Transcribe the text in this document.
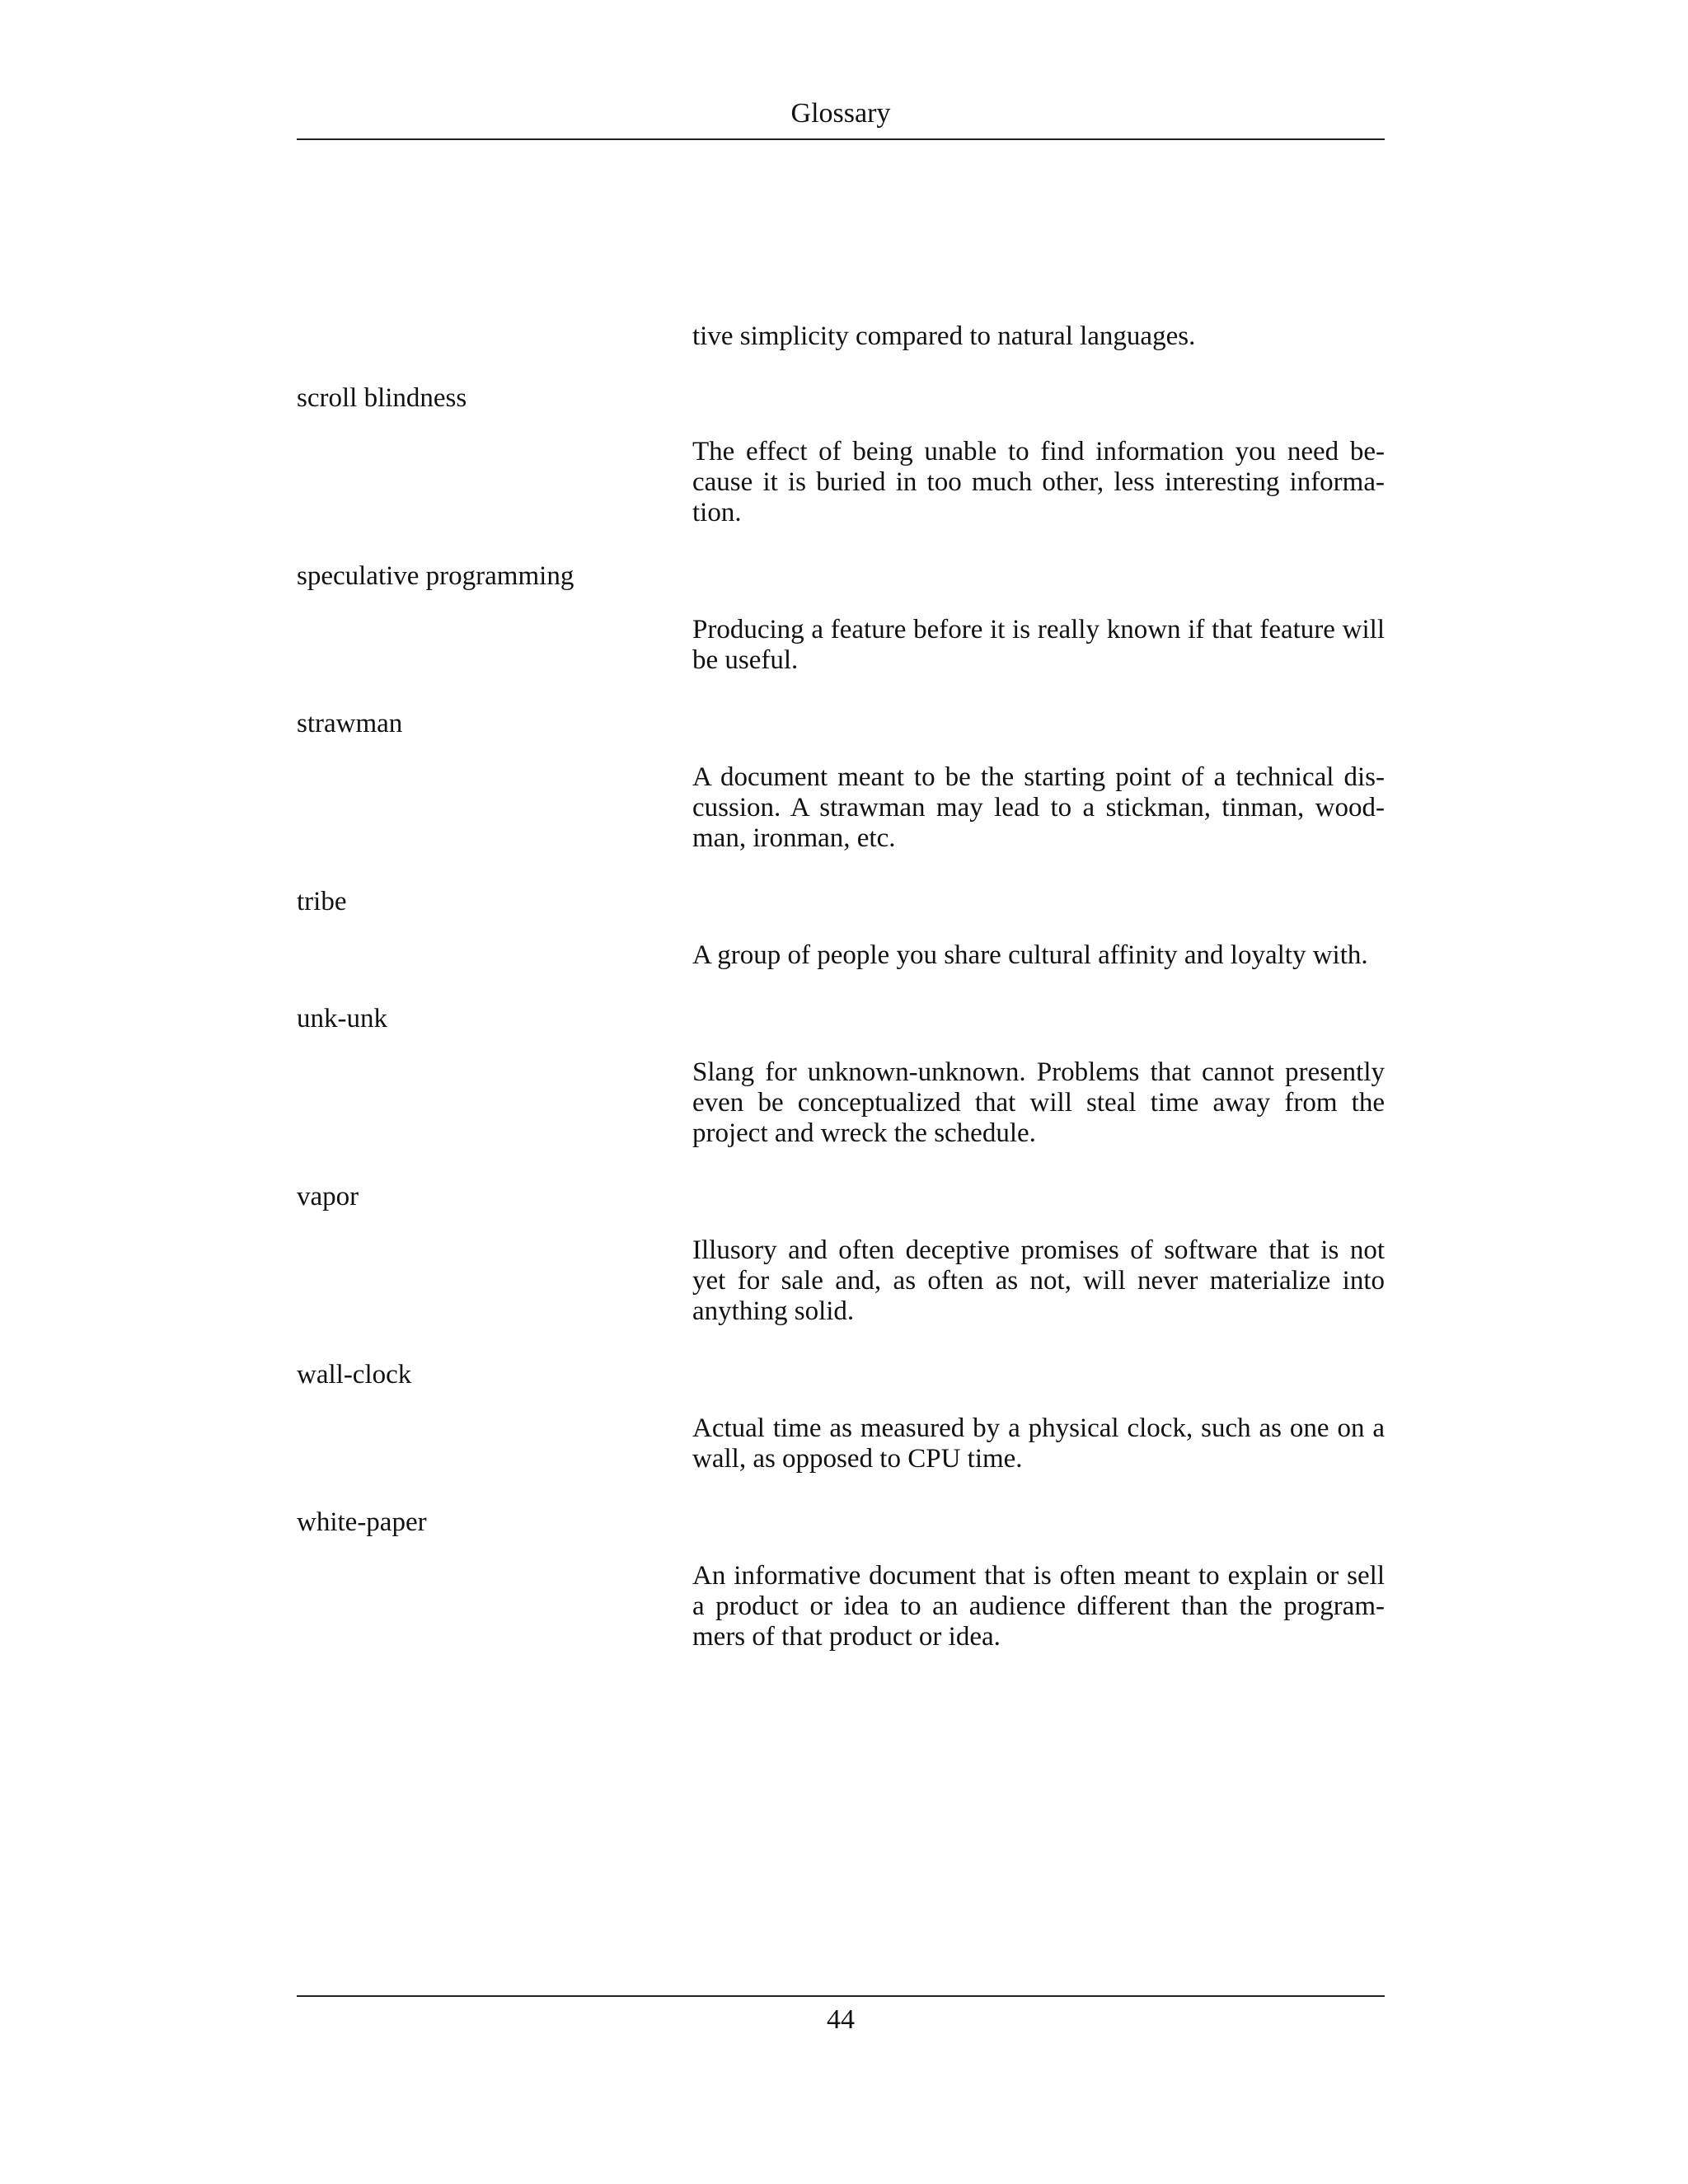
Glossary
tive simplicity compared to natural languages.
scroll blindness
The effect of being unable to find information you need because it is buried in too much other, less interesting information.
speculative programming
Producing a feature before it is really known if that feature will be useful.
strawman
A document meant to be the starting point of a technical discussion. A strawman may lead to a stickman, tinman, woodman, ironman, etc.
tribe
A group of people you share cultural affinity and loyalty with.
unk-unk
Slang for unknown-unknown. Problems that cannot presently even be conceptualized that will steal time away from the project and wreck the schedule.
vapor
Illusory and often deceptive promises of software that is not yet for sale and, as often as not, will never materialize into anything solid.
wall-clock
Actual time as measured by a physical clock, such as one on a wall, as opposed to CPU time.
white-paper
An informative document that is often meant to explain or sell a product or idea to an audience different than the programmers of that product or idea.
44
